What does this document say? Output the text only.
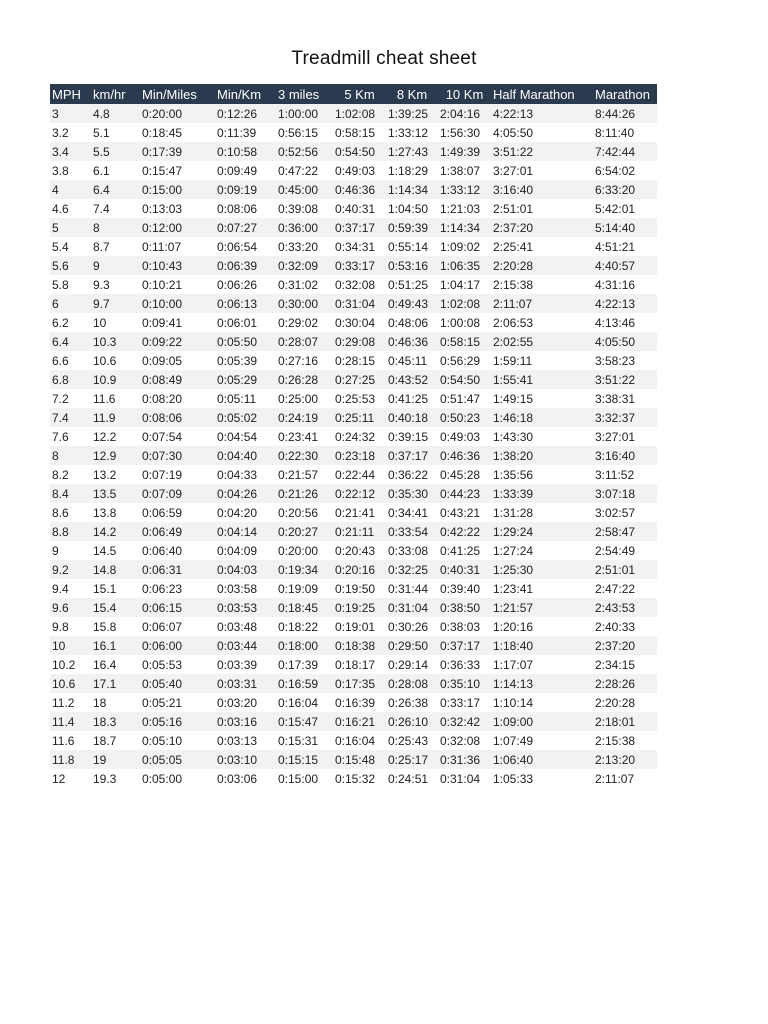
Treadmill cheat sheet
MPH	km/hr	Min/Miles	Min/Km	3 miles	5 Km	8 Km	10 Km	Half Marathon	Marathon
3	4.8	0:20:00	0:12:26	1:00:00	1:02:08	1:39:25	2:04:16	4:22:13	8:44:26
3.2	5.1	0:18:45	0:11:39	0:56:15	0:58:15	1:33:12	1:56:30	4:05:50	8:11:40
3.4	5.5	0:17:39	0:10:58	0:52:56	0:54:50	1:27:43	1:49:39	3:51:22	7:42:44
3.8	6.1	0:15:47	0:09:49	0:47:22	0:49:03	1:18:29	1:38:07	3:27:01	6:54:02
4	6.4	0:15:00	0:09:19	0:45:00	0:46:36	1:14:34	1:33:12	3:16:40	6:33:20
4.6	7.4	0:13:03	0:08:06	0:39:08	0:40:31	1:04:50	1:21:03	2:51:01	5:42:01
5	8	0:12:00	0:07:27	0:36:00	0:37:17	0:59:39	1:14:34	2:37:20	5:14:40
5.4	8.7	0:11:07	0:06:54	0:33:20	0:34:31	0:55:14	1:09:02	2:25:41	4:51:21
5.6	9	0:10:43	0:06:39	0:32:09	0:33:17	0:53:16	1:06:35	2:20:28	4:40:57
5.8	9.3	0:10:21	0:06:26	0:31:02	0:32:08	0:51:25	1:04:17	2:15:38	4:31:16
6	9.7	0:10:00	0:06:13	0:30:00	0:31:04	0:49:43	1:02:08	2:11:07	4:22:13
6.2	10	0:09:41	0:06:01	0:29:02	0:30:04	0:48:06	1:00:08	2:06:53	4:13:46
6.4	10.3	0:09:22	0:05:50	0:28:07	0:29:08	0:46:36	0:58:15	2:02:55	4:05:50
6.6	10.6	0:09:05	0:05:39	0:27:16	0:28:15	0:45:11	0:56:29	1:59:11	3:58:23
6.8	10.9	0:08:49	0:05:29	0:26:28	0:27:25	0:43:52	0:54:50	1:55:41	3:51:22
7.2	11.6	0:08:20	0:05:11	0:25:00	0:25:53	0:41:25	0:51:47	1:49:15	3:38:31
7.4	11.9	0:08:06	0:05:02	0:24:19	0:25:11	0:40:18	0:50:23	1:46:18	3:32:37
7.6	12.2	0:07:54	0:04:54	0:23:41	0:24:32	0:39:15	0:49:03	1:43:30	3:27:01
8	12.9	0:07:30	0:04:40	0:22:30	0:23:18	0:37:17	0:46:36	1:38:20	3:16:40
8.2	13.2	0:07:19	0:04:33	0:21:57	0:22:44	0:36:22	0:45:28	1:35:56	3:11:52
8.4	13.5	0:07:09	0:04:26	0:21:26	0:22:12	0:35:30	0:44:23	1:33:39	3:07:18
8.6	13.8	0:06:59	0:04:20	0:20:56	0:21:41	0:34:41	0:43:21	1:31:28	3:02:57
8.8	14.2	0:06:49	0:04:14	0:20:27	0:21:11	0:33:54	0:42:22	1:29:24	2:58:47
9	14.5	0:06:40	0:04:09	0:20:00	0:20:43	0:33:08	0:41:25	1:27:24	2:54:49
9.2	14.8	0:06:31	0:04:03	0:19:34	0:20:16	0:32:25	0:40:31	1:25:30	2:51:01
9.4	15.1	0:06:23	0:03:58	0:19:09	0:19:50	0:31:44	0:39:40	1:23:41	2:47:22
9.6	15.4	0:06:15	0:03:53	0:18:45	0:19:25	0:31:04	0:38:50	1:21:57	2:43:53
9.8	15.8	0:06:07	0:03:48	0:18:22	0:19:01	0:30:26	0:38:03	1:20:16	2:40:33
10	16.1	0:06:00	0:03:44	0:18:00	0:18:38	0:29:50	0:37:17	1:18:40	2:37:20
10.2	16.4	0:05:53	0:03:39	0:17:39	0:18:17	0:29:14	0:36:33	1:17:07	2:34:15
10.6	17.1	0:05:40	0:03:31	0:16:59	0:17:35	0:28:08	0:35:10	1:14:13	2:28:26
11.2	18	0:05:21	0:03:20	0:16:04	0:16:39	0:26:38	0:33:17	1:10:14	2:20:28
11.4	18.3	0:05:16	0:03:16	0:15:47	0:16:21	0:26:10	0:32:42	1:09:00	2:18:01
11.6	18.7	0:05:10	0:03:13	0:15:31	0:16:04	0:25:43	0:32:08	1:07:49	2:15:38
11.8	19	0:05:05	0:03:10	0:15:15	0:15:48	0:25:17	0:31:36	1:06:40	2:13:20
12	19.3	0:05:00	0:03:06	0:15:00	0:15:32	0:24:51	0:31:04	1:05:33	2:11:07
